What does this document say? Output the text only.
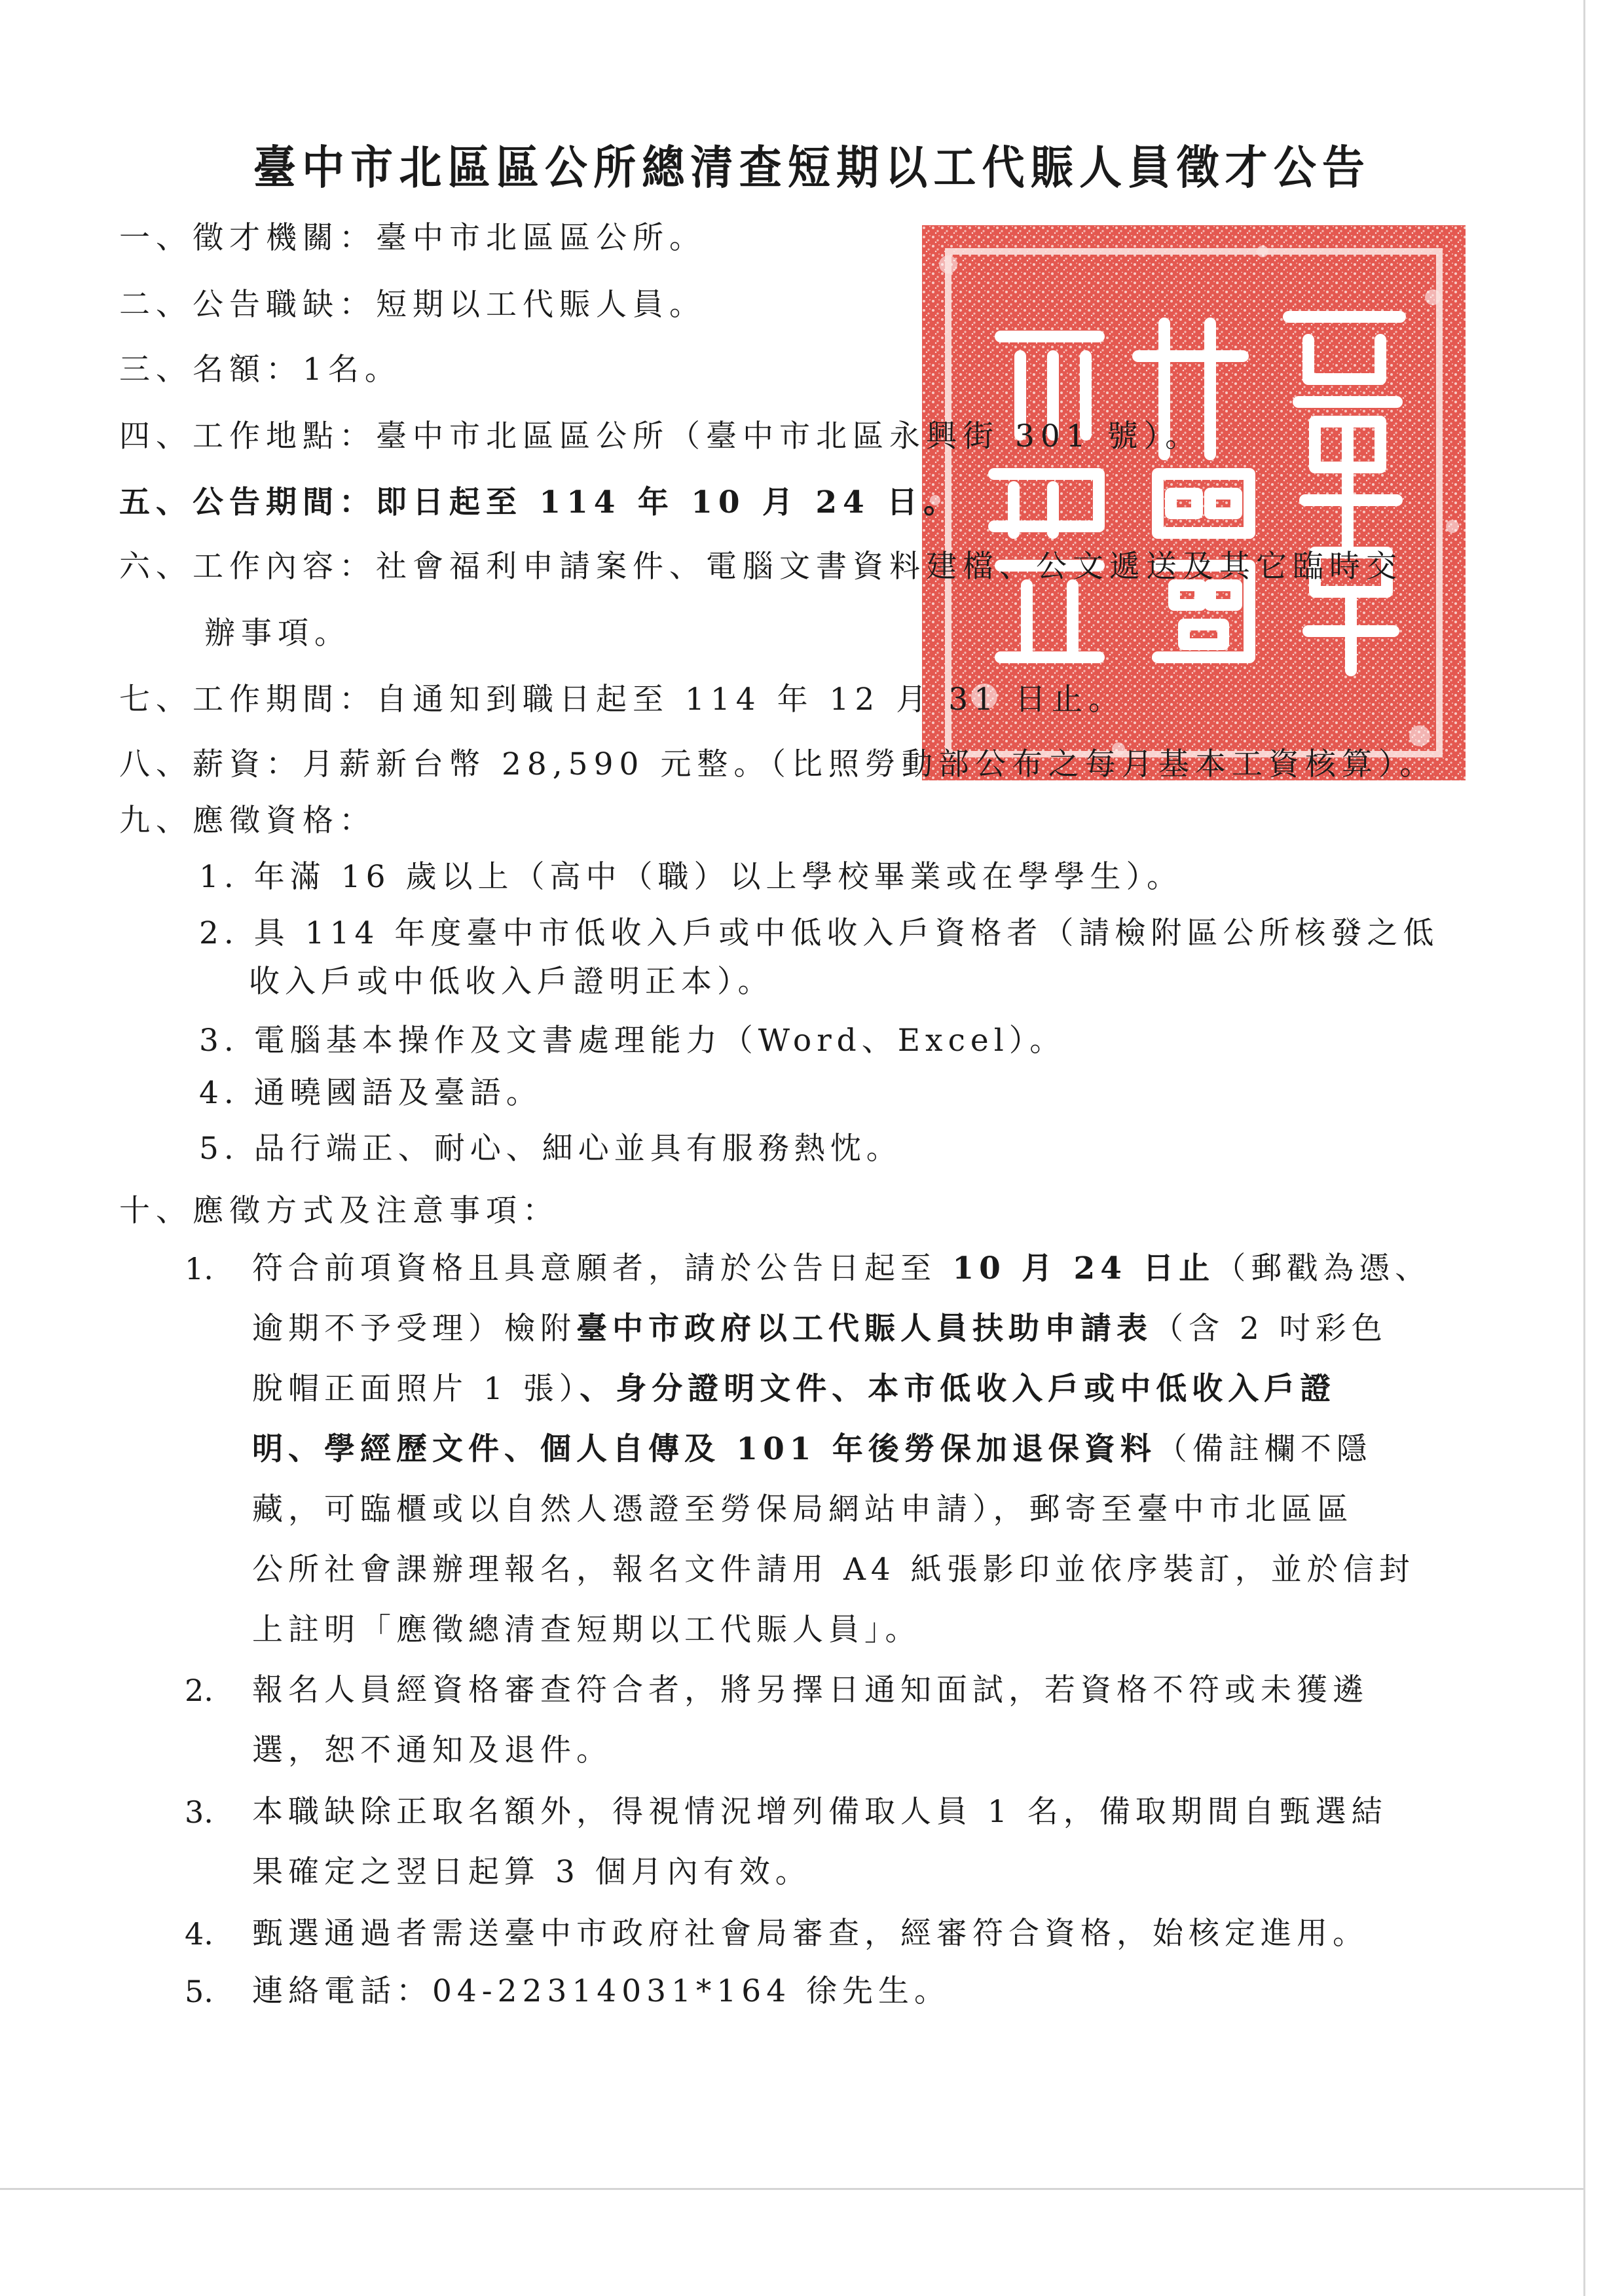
臺中市北區區公所總清查短期以工代賑人員徵才公告
一、徵才機關：臺中市北區區公所。
二、公告職缺：短期以工代賑人員。
三、名額：1名。
四、工作地點：臺中市北區區公所（臺中市北區永興街 301 號）。
五、公告期間：即日起至 114 年 10 月 24 日。
六、工作內容：社會福利申請案件、電腦文書資料建檔、公文遞送及其它臨時交
辦事項。
七、工作期間：自通知到職日起至 114 年 12 月 31 日止。
八、薪資：月薪新台幣 28,590 元整。（比照勞動部公布之每月基本工資核算）。
九、應徵資格：
1. 年滿 16 歲以上（高中（職）以上學校畢業或在學學生）。
2. 具 114 年度臺中市低收入戶或中低收入戶資格者（請檢附區公所核發之低
收入戶或中低收入戶證明正本）。
3. 電腦基本操作及文書處理能力（Word、Excel）。
4. 通曉國語及臺語。
5. 品行端正、耐心、細心並具有服務熱忱。
十、應徵方式及注意事項：
1. 符合前項資格且具意願者，請於公告日起至 10 月 24 日止（郵戳為憑、
逾期不予受理）檢附臺中市政府以工代賑人員扶助申請表（含 2 吋彩色
脫帽正面照片 1 張）、身分證明文件、本市低收入戶或中低收入戶證
明、學經歷文件、個人自傳及 101 年後勞保加退保資料（備註欄不隱
藏，可臨櫃或以自然人憑證至勞保局網站申請），郵寄至臺中市北區區
公所社會課辦理報名，報名文件請用 A4 紙張影印並依序裝訂，並於信封
上註明「應徵總清查短期以工代賑人員」。
2. 報名人員經資格審查符合者，將另擇日通知面試，若資格不符或未獲遴
選，恕不通知及退件。
3. 本職缺除正取名額外，得視情況增列備取人員 1 名，備取期間自甄選結
果確定之翌日起算 3 個月內有效。
4. 甄選通過者需送臺中市政府社會局審查，經審符合資格，始核定進用。
5. 連絡電話：04-22314031*164 徐先生。
